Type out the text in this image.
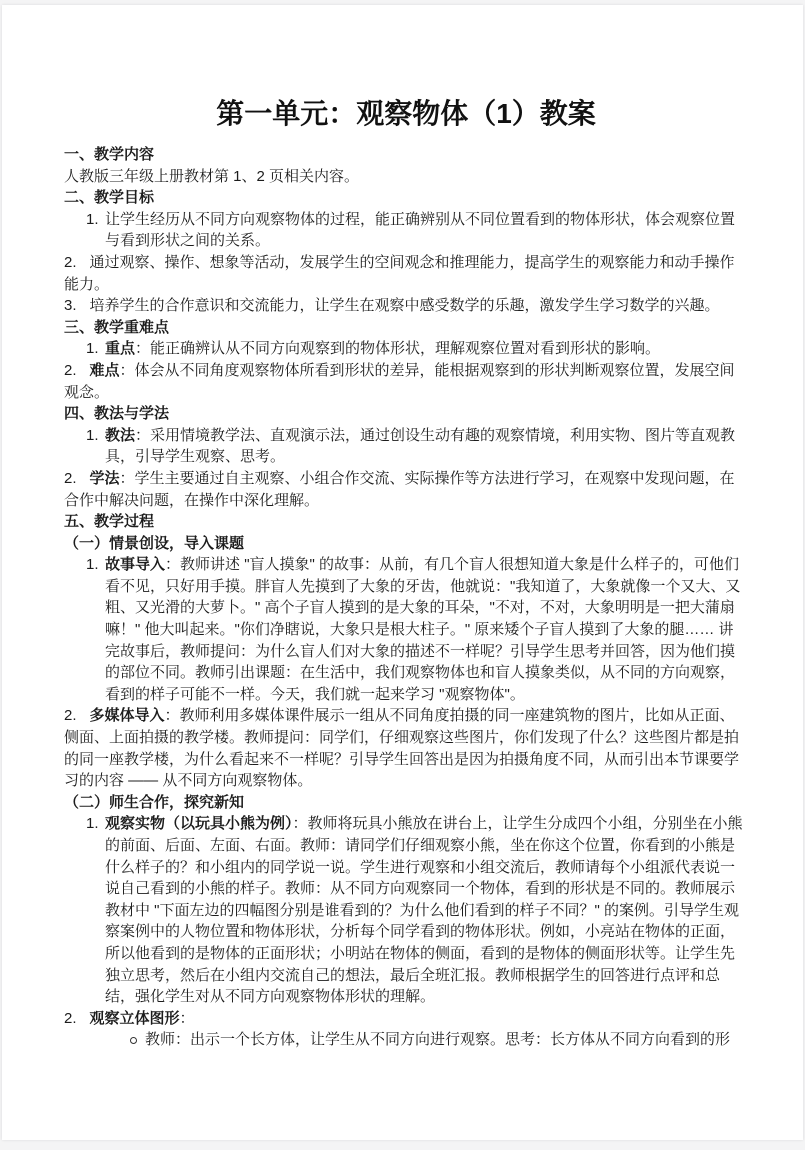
第一单元：观察物体（1）教案

一、教学内容

人教版三年级上册教材第 1、2 页相关内容。

二、教学目标

1. 让学生经历从不同方向观察物体的过程，能正确辨别从不同位置看到的物体形状，体会观察位置与看到形状之间的关系。

2. 通过观察、操作、想象等活动，发展学生的空间观念和推理能力，提高学生的观察能力和动手操作能力。

3. 培养学生的合作意识和交流能力，让学生在观察中感受数学的乐趣，激发学生学习数学的兴趣。

三、教学重难点

1. 重点：能正确辨认从不同方向观察到的物体形状，理解观察位置对看到形状的影响。

2. 难点：体会从不同角度观察物体所看到形状的差异，能根据观察到的形状判断观察位置，发展空间观念。

四、教法与学法

1. 教法：采用情境教学法、直观演示法，通过创设生动有趣的观察情境，利用实物、图片等直观教具，引导学生观察、思考。

2. 学法：学生主要通过自主观察、小组合作交流、实际操作等方法进行学习，在观察中发现问题，在合作中解决问题，在操作中深化理解。

五、教学过程

（一）情景创设，导入课题

1. 故事导入：教师讲述 "盲人摸象" 的故事：从前，有几个盲人很想知道大象是什么样子的，可他们看不见，只好用手摸。胖盲人先摸到了大象的牙齿，他就说："我知道了，大象就像一个又大、又粗、又光滑的大萝卜。" 高个子盲人摸到的是大象的耳朵，"不对，不对，大象明明是一把大蒲扇嘛！" 他大叫起来。"你们净瞎说，大象只是根大柱子。" 原来矮个子盲人摸到了大象的腿…… 讲完故事后，教师提问：为什么盲人们对大象的描述不一样呢？引导学生思考并回答，因为他们摸的部位不同。教师引出课题：在生活中，我们观察物体也和盲人摸象类似，从不同的方向观察，看到的样子可能不一样。今天，我们就一起来学习 "观察物体"。

2. 多媒体导入：教师利用多媒体课件展示一组从不同角度拍摄的同一座建筑物的图片，比如从正面、侧面、上面拍摄的教学楼。教师提问：同学们，仔细观察这些图片，你们发现了什么？这些图片都是拍的同一座教学楼，为什么看起来不一样呢？引导学生回答出是因为拍摄角度不同，从而引出本节课要学习的内容 —— 从不同方向观察物体。

（二）师生合作，探究新知

1. 观察实物（以玩具小熊为例）：教师将玩具小熊放在讲台上，让学生分成四个小组，分别坐在小熊的前面、后面、左面、右面。教师：请同学们仔细观察小熊，坐在你这个位置，你看到的小熊是什么样子的？和小组内的同学说一说。学生进行观察和小组交流后，教师请每个小组派代表说一说自己看到的小熊的样子。教师：从不同方向观察同一个物体，看到的形状是不同的。教师展示教材中 "下面左边的四幅图分别是谁看到的？为什么他们看到的样子不同？" 的案例。引导学生观察案例中的人物位置和物体形状，分析每个同学看到的物体形状。例如，小亮站在物体的正面，所以他看到的是物体的正面形状；小明站在物体的侧面，看到的是物体的侧面形状等。让学生先独立思考，然后在小组内交流自己的想法，最后全班汇报。教师根据学生的回答进行点评和总结，强化学生对从不同方向观察物体形状的理解。

2. 观察立体图形：

教师：出示一个长方体，让学生从不同方向进行观察。思考：长方体从不同方向看到的形
